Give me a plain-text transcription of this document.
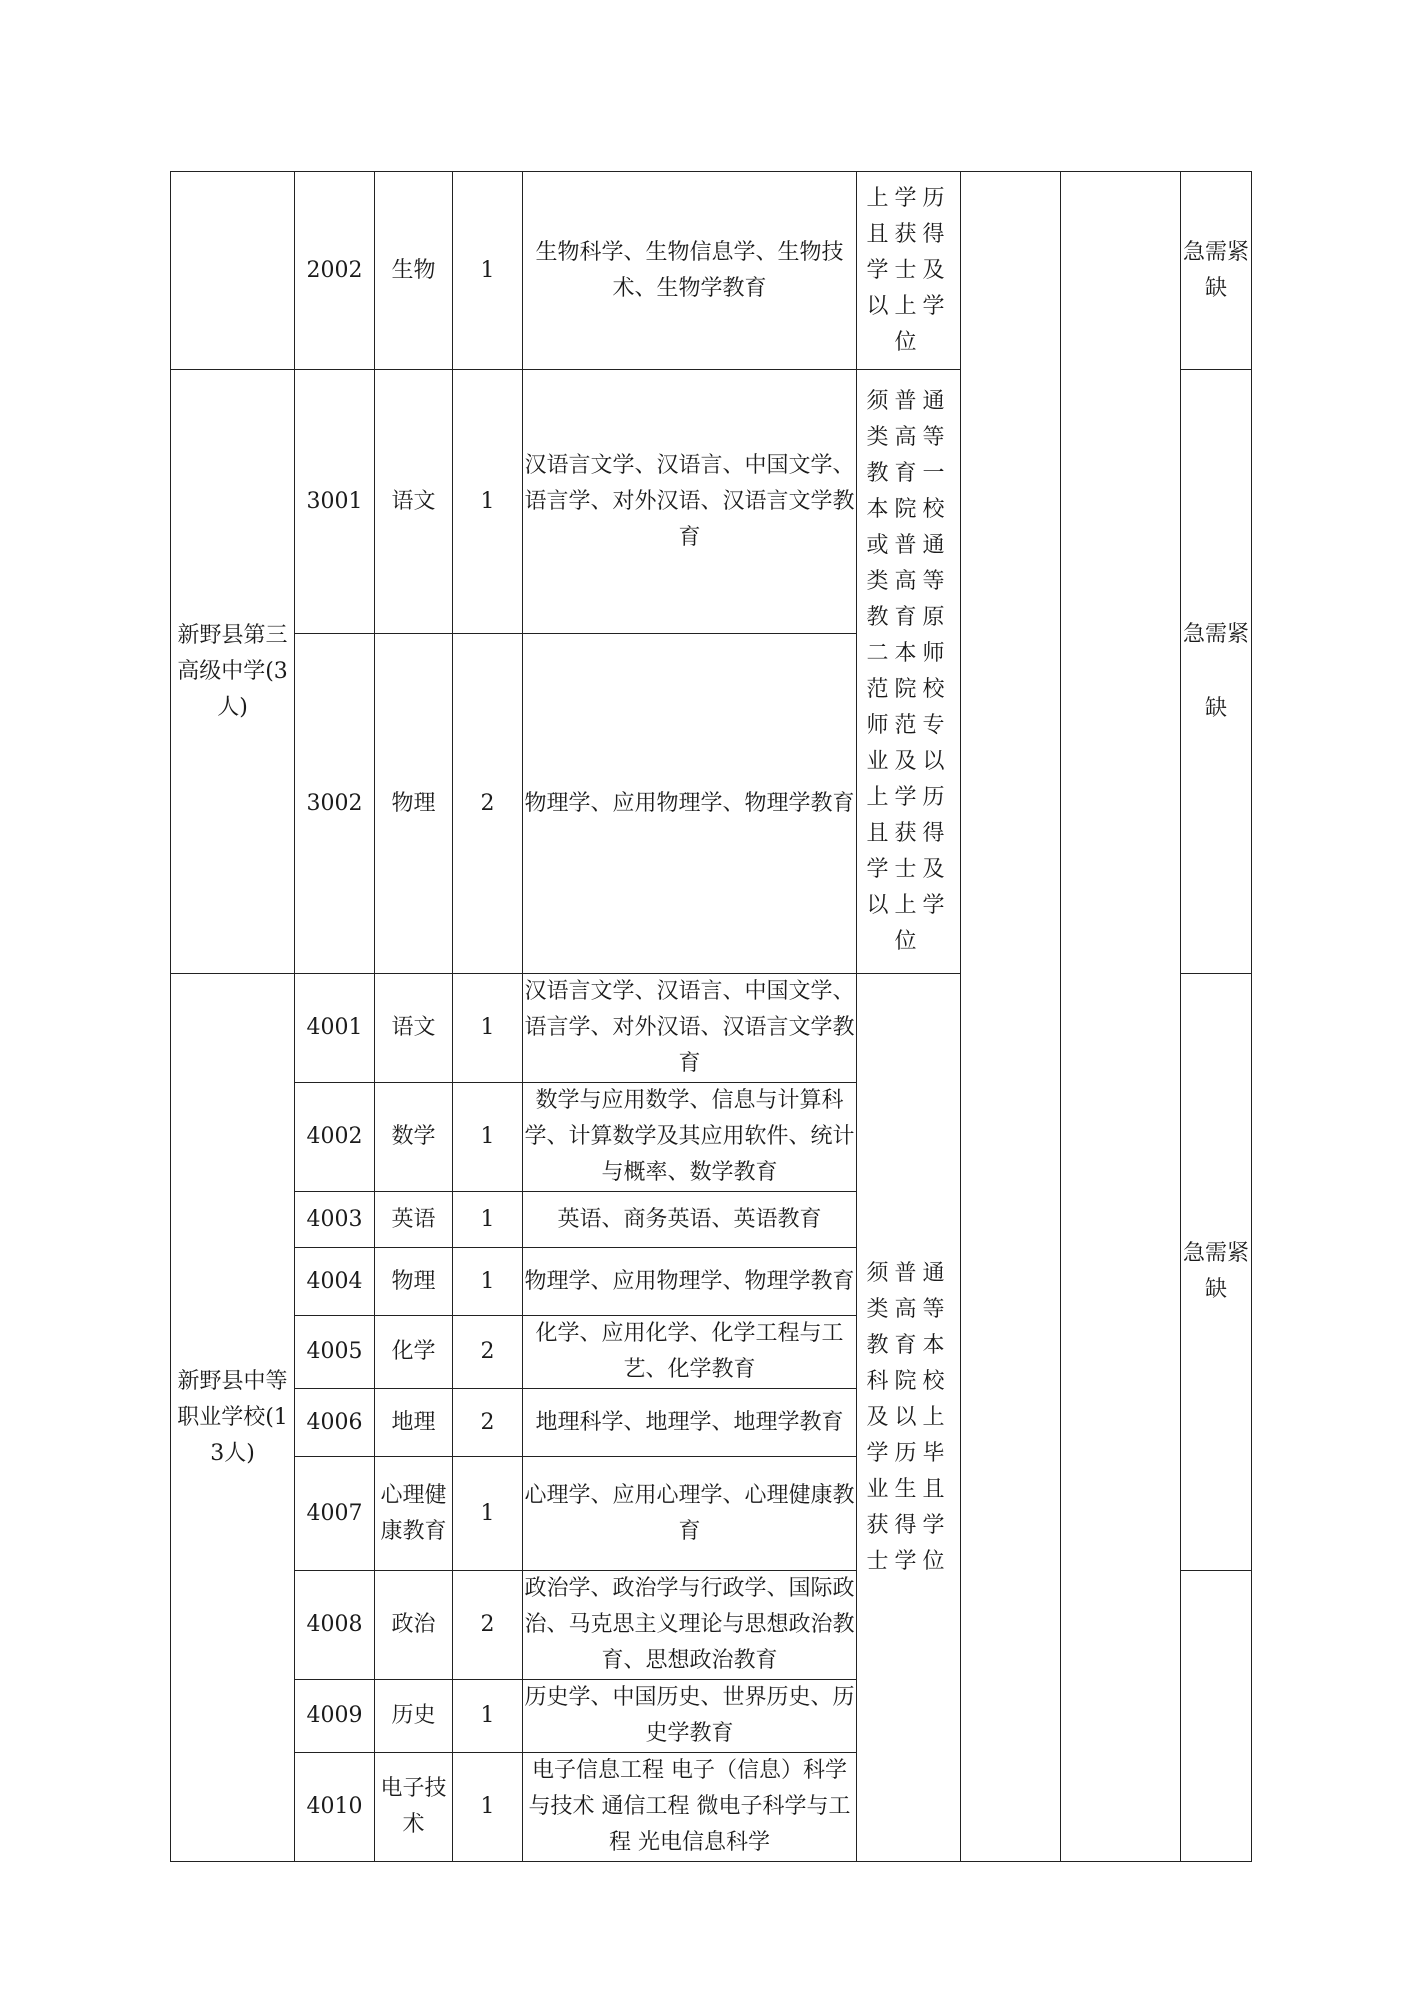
	2002	生物	1	生物科学、生物信息学、生物技术、生物学教育	上学历且获得学士及以上学位			急需紧缺
新野县第三高级中学(3人)	3001	语文	1	汉语言文学、汉语言、中国文学、语言学、对外汉语、汉语言文学教育	须普通类高等教育一本院校或普通类高等教育原二本师范院校师范专业及以上学历且获得学士及以上学位			急需紧缺
	3002	物理	2	物理学、应用物理学、物理学教育				
新野县中等职业学校(13人)	4001	语文	1	汉语言文学、汉语言、中国文学、语言学、对外汉语、汉语言文学教育	须普通类高等教育本科院校及以上学历毕业生且获得学士学位			急需紧缺
	4002	数学	1	数学与应用数学、信息与计算科学、计算数学及其应用软件、统计与概率、数学教育				
	4003	英语	1	英语、商务英语、英语教育				
	4004	物理	1	物理学、应用物理学、物理学教育				
	4005	化学	2	化学、应用化学、化学工程与工艺、化学教育				
	4006	地理	2	地理科学、地理学、地理学教育				
	4007	心理健康教育	1	心理学、应用心理学、心理健康教育				
	4008	政治	2	政治学、政治学与行政学、国际政治、马克思主义理论与思想政治教育、思想政治教育				
	4009	历史	1	历史学、中国历史、世界历史、历史学教育				
	4010	电子技术	1	电子信息工程 电子（信息）科学与技术 通信工程 微电子科学与工程 光电信息科学				
